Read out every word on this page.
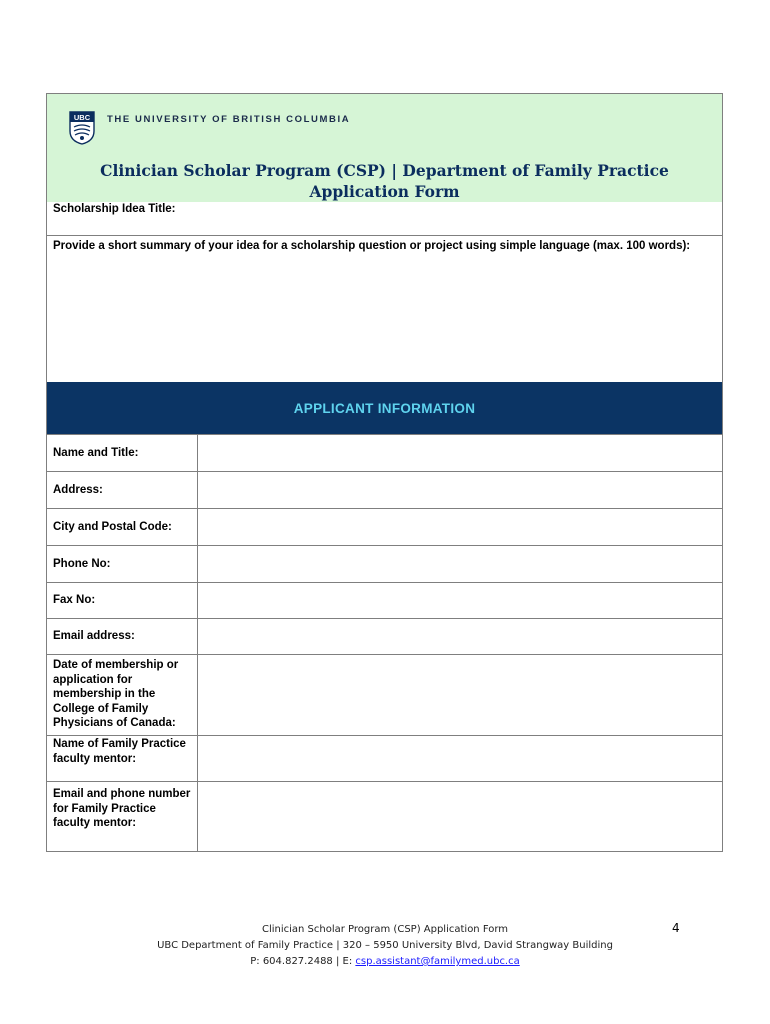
UBC THE UNIVERSITY OF BRITISH COLUMBIA
Clinician Scholar Program (CSP) | Department of Family Practice
Application Form
Scholarship Idea Title:
Provide a short summary of your idea for a scholarship question or project using simple language (max. 100 words):
APPLICANT INFORMATION
Name and Title:	
Address:	
City and Postal Code:	
Phone No:	
Fax No:	
Email address:	
Date of membership or application for membership in the College of Family Physicians of Canada:	
Name of Family Practice faculty mentor:	
Email and phone number for Family Practice faculty mentor:	
4
Clinician Scholar Program (CSP) Application Form
UBC Department of Family Practice | 320 – 5950 University Blvd, David Strangway Building
P: 604.827.2488 | E: csp.assistant@familymed.ubc.ca
